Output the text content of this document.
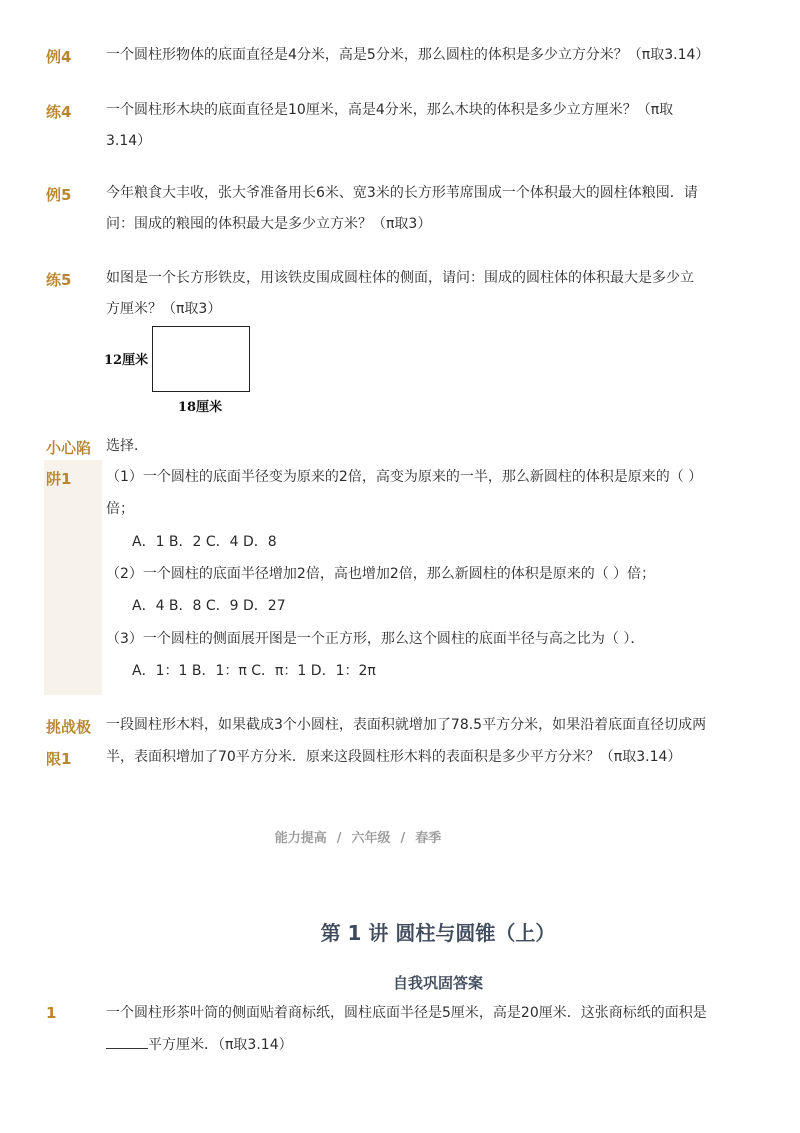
例4 一个圆柱形物体的底面直径是4分米，高是5分米，那么圆柱的体积是多少立方分米？（π取3.14）
练4 一个圆柱形木块的底面直径是10厘米，高是4分米，那么木块的体积是多少立方厘米？（π取
3.14）
例5 今年粮食大丰收，张大爷准备用长6米、宽3米的长方形苇席围成一个体积最大的圆柱体粮囤．请
问：围成的粮囤的体积最大是多少立方米？（π取3）
练5 如图是一个长方形铁皮，用该铁皮围成圆柱体的侧面，请问：围成的圆柱体的体积最大是多少立
方厘米？（π取3）
12厘米
18厘米
小心陷
阱1
选择．
（1）一个圆柱的底面半径变为原来的2倍，高变为原来的一半，那么新圆柱的体积是原来的（ ）
倍；
A．1 B．2 C．4 D．8
（2）一个圆柱的底面半径增加2倍，高也增加2倍，那么新圆柱的体积是原来的（ ）倍；
A．4 B．8 C．9 D．27
（3）一个圆柱的侧面展开图是一个正方形，那么这个圆柱的底面半径与高之比为（ ）．
A．1：1 B．1：π C．π：1 D．1：2π
挑战极
限1
一段圆柱形木料，如果截成3个小圆柱，表面积就增加了78.5平方分米，如果沿着底面直径切成两
半，表面积增加了70平方分米．原来这段圆柱形木料的表面积是多少平方分米？（π取3.14）
能力提高 / 六年级 / 春季
第 1 讲 圆柱与圆锥（上）
自我巩固答案
1	一个圆柱形茶叶筒的侧面贴着商标纸，圆柱底面半径是5厘米，高是20厘米．这张商标纸的面积是
平方厘米．（π取3.14）
